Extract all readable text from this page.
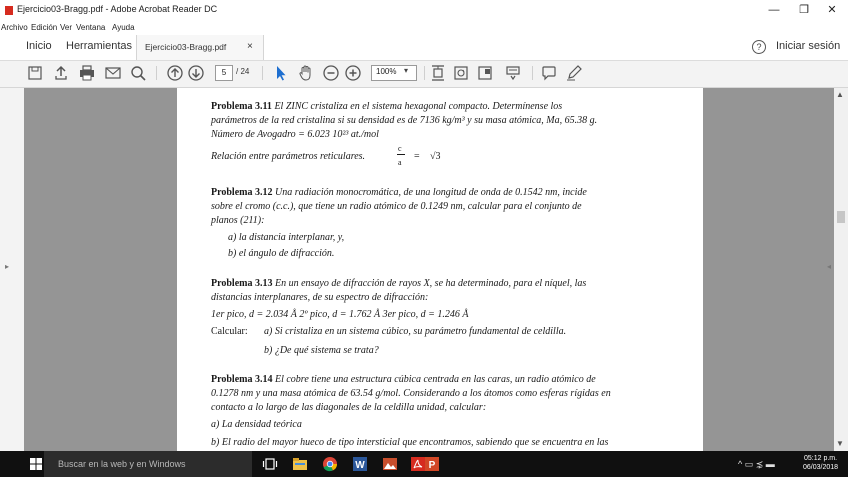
Ejercicio03-Bragg.pdf - Adobe Acrobat Reader DC	—	❐	✕
Archivo Edición Ver Ventana Ayuda
Inicio Herramientas Ejercicio03-Bragg.pdf ×	?	Iniciar sesión
5	/ 24	100% ▾
▸	◂
▲
▼
Problema 3.11 El ZINC cristaliza en el sistema hexagonal compacto. Determínense los
parámetros de la red cristalina si su densidad es de 7136 kg/m³ y su masa atómica, Ma, 65.38 g.
Número de Avogadro = 6.023 10²³ at./mol
Relación entre parámetros reticulares.
c
a
= √3
Problema 3.12 Una radiación monocromática, de una longitud de onda de 0.1542 nm, incide
sobre el cromo (c.c.), que tiene un radio atómico de 0.1249 nm, calcular para el conjunto de
planos (211):
a) la distancia interplanar, y,
b) el ángulo de difracción.
Problema 3.13 En un ensayo de difracción de rayos X, se ha determinado, para el níquel, las
distancias interplanares, de su espectro de difracción:
1er pico, d = 2.034 Å 2º pico, d = 1.762 Å 3er pico, d = 1.246 Å
Calcular: a) Si cristaliza en un sistema cúbico, su parámetro fundamental de celdilla.
b) ¿De qué sistema se trata?
Problema 3.14 El cobre tiene una estructura cúbica centrada en las caras, un radio atómico de
0.1278 nm y una masa atómica de 63.54 g/mol. Considerando a los átomos como esferas rígidas en
contacto a lo largo de las diagonales de la celdilla unidad, calcular:
a) La densidad teórica
b) El radio del mayor hueco de tipo intersticial que encontramos, sabiendo que se encuentra en las
Buscar en la web y en Windows	W	P	^ ▭ ⋨ ▬
05:12 p.m.
06/03/2018
